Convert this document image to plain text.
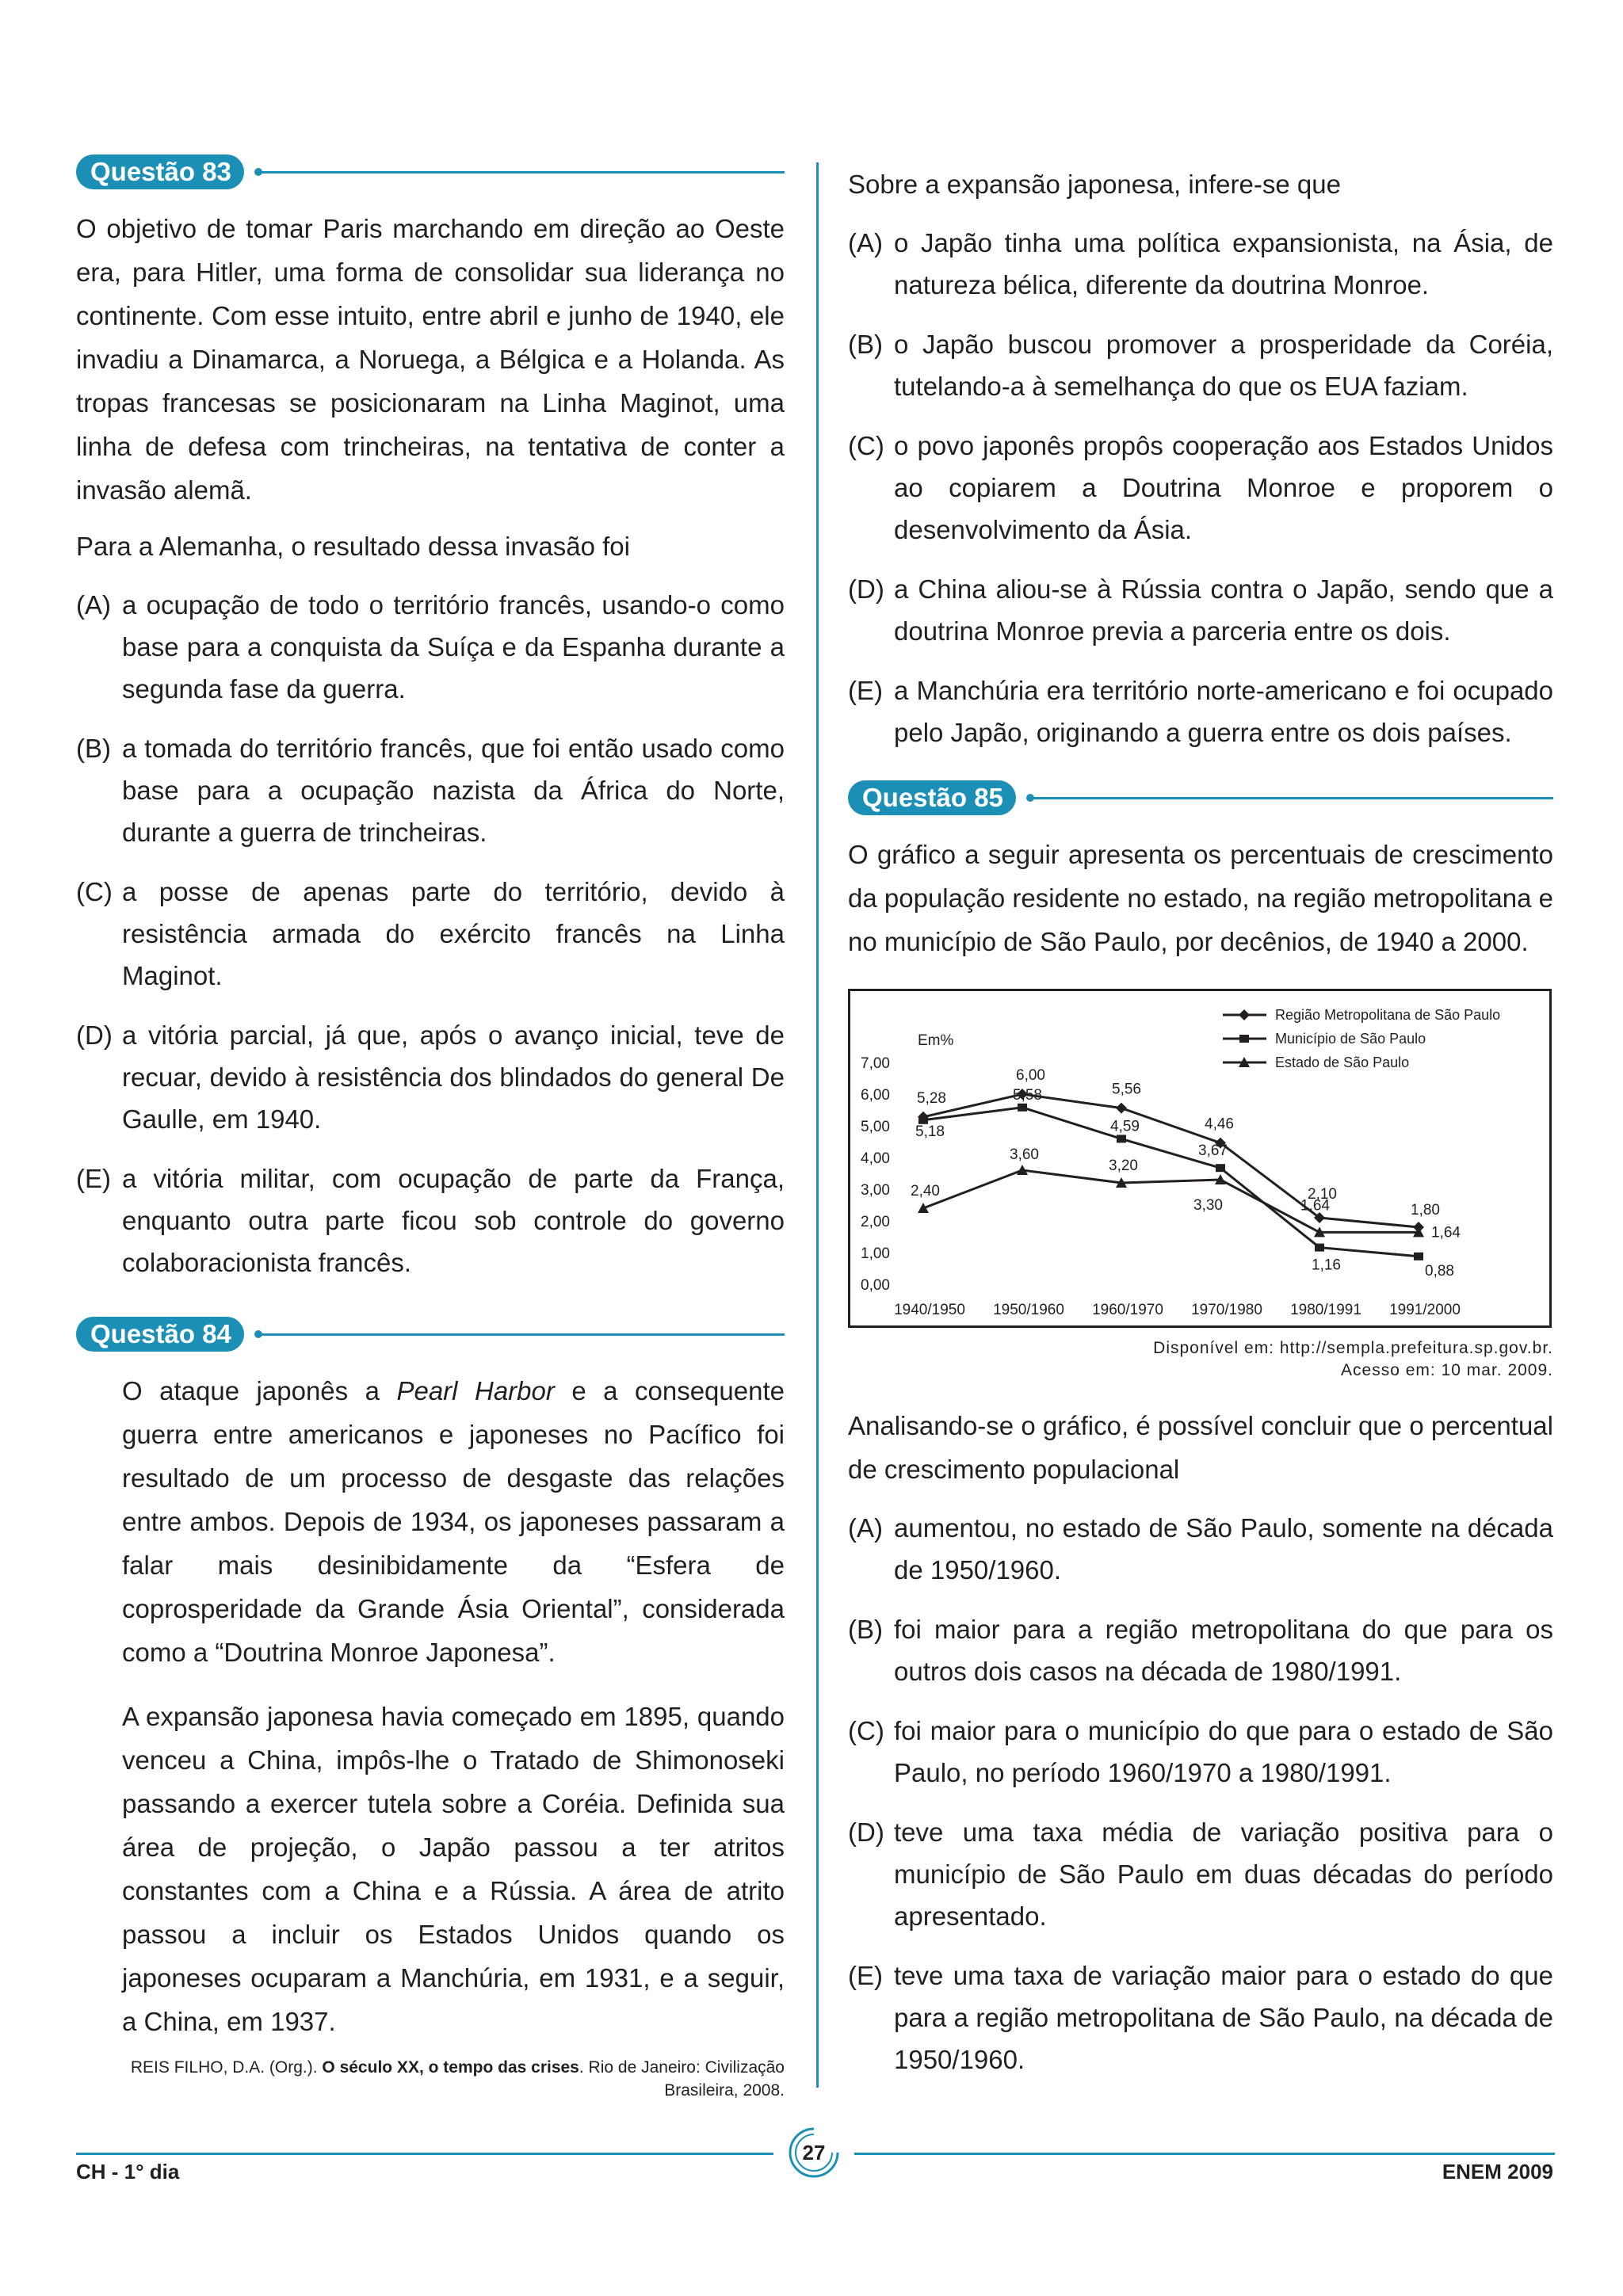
Questão 83

O objetivo de tomar Paris marchando em direção ao Oeste era, para Hitler, uma forma de consolidar sua liderança no continente. Com esse intuito, entre abril e junho de 1940, ele invadiu a Dinamarca, a Noruega, a Bélgica e a Holanda. As tropas francesas se posicionaram na Linha Maginot, uma linha de defesa com trincheiras, na tentativa de conter a invasão alemã.

Para a Alemanha, o resultado dessa invasão foi

(A) a ocupação de todo o território francês, usando-o como base para a conquista da Suíça e da Espanha durante a segunda fase da guerra.
(B) a tomada do território francês, que foi então usado como base para a ocupação nazista da África do Norte, durante a guerra de trincheiras.
(C) a posse de apenas parte do território, devido à resistência armada do exército francês na Linha Maginot.
(D) a vitória parcial, já que, após o avanço inicial, teve de recuar, devido à resistência dos blindados do general De Gaulle, em 1940.
(E) a vitória militar, com ocupação de parte da França, enquanto outra parte ficou sob controle do governo colaboracionista francês.
Questão 84

O ataque japonês a Pearl Harbor e a consequente guerra entre americanos e japoneses no Pacífico foi resultado de um processo de desgaste das relações entre ambos. Depois de 1934, os japoneses passaram a falar mais desinibidamente da “Esfera de coprosperidade da Grande Ásia Oriental”, considerada como a “Doutrina Monroe Japonesa”.

A expansão japonesa havia começado em 1895, quando venceu a China, impôs-lhe o Tratado de Shimonoseki passando a exercer tutela sobre a Coréia. Definida sua área de projeção, o Japão passou a ter atritos constantes com a China e a Rússia. A área de atrito passou a incluir os Estados Unidos quando os japoneses ocuparam a Manchúria, em 1931, e a seguir, a China, em 1937.

REIS FILHO, D.A. (Org.). O século XX, o tempo das crises. Rio de Janeiro: Civilização Brasileira, 2008.

Sobre a expansão japonesa, infere-se que

(A) o Japão tinha uma política expansionista, na Ásia, de natureza bélica, diferente da doutrina Monroe.
(B) o Japão buscou promover a prosperidade da Coréia, tutelando-a à semelhança do que os EUA faziam.
(C) o povo japonês propôs cooperação aos Estados Unidos ao copiarem a Doutrina Monroe e proporem o desenvolvimento da Ásia.
(D) a China aliou-se à Rússia contra o Japão, sendo que a doutrina Monroe previa a parceria entre os dois.
(E) a Manchúria era território norte-americano e foi ocupado pelo Japão, originando a guerra entre os dois países.
Questão 85

O gráfico a seguir apresenta os percentuais de crescimento da população residente no estado, na região metropolitana e no município de São Paulo, por decênios, de 1940 a 2000.

Em%
0,00
1,00
2,00
3,00
4,00
5,00
6,00
7,00
1940/1950 1950/1960 1960/1970 1970/1980 1980/1991 1991/2000
5,28
6,00
5,56
4,46
2,10
1,80
5,18
5,58
4,59
3,67
1,16	0,88
2,40
3,60
3,20
3,30	1,64
1,64
Região Metropolitana de São Paulo
Município de São Paulo
Estado de São Paulo
Disponível em: http://sempla.prefeitura.sp.gov.br.
Acesso em: 10 mar. 2009.

Analisando-se o gráfico, é possível concluir que o percentual de crescimento populacional

(A) aumentou, no estado de São Paulo, somente na década de 1950/1960.
(B) foi maior para a região metropolitana do que para os outros dois casos na década de 1980/1991.
(C) foi maior para o município do que para o estado de São Paulo, no período 1960/1970 a 1980/1991.
(D) teve uma taxa média de variação positiva para o município de São Paulo em duas décadas do período apresentado.
(E) teve uma taxa de variação maior para o estado do que para a região metropolitana de São Paulo, na década de 1950/1960.
27
CH - 1° dia	ENEM 2009
